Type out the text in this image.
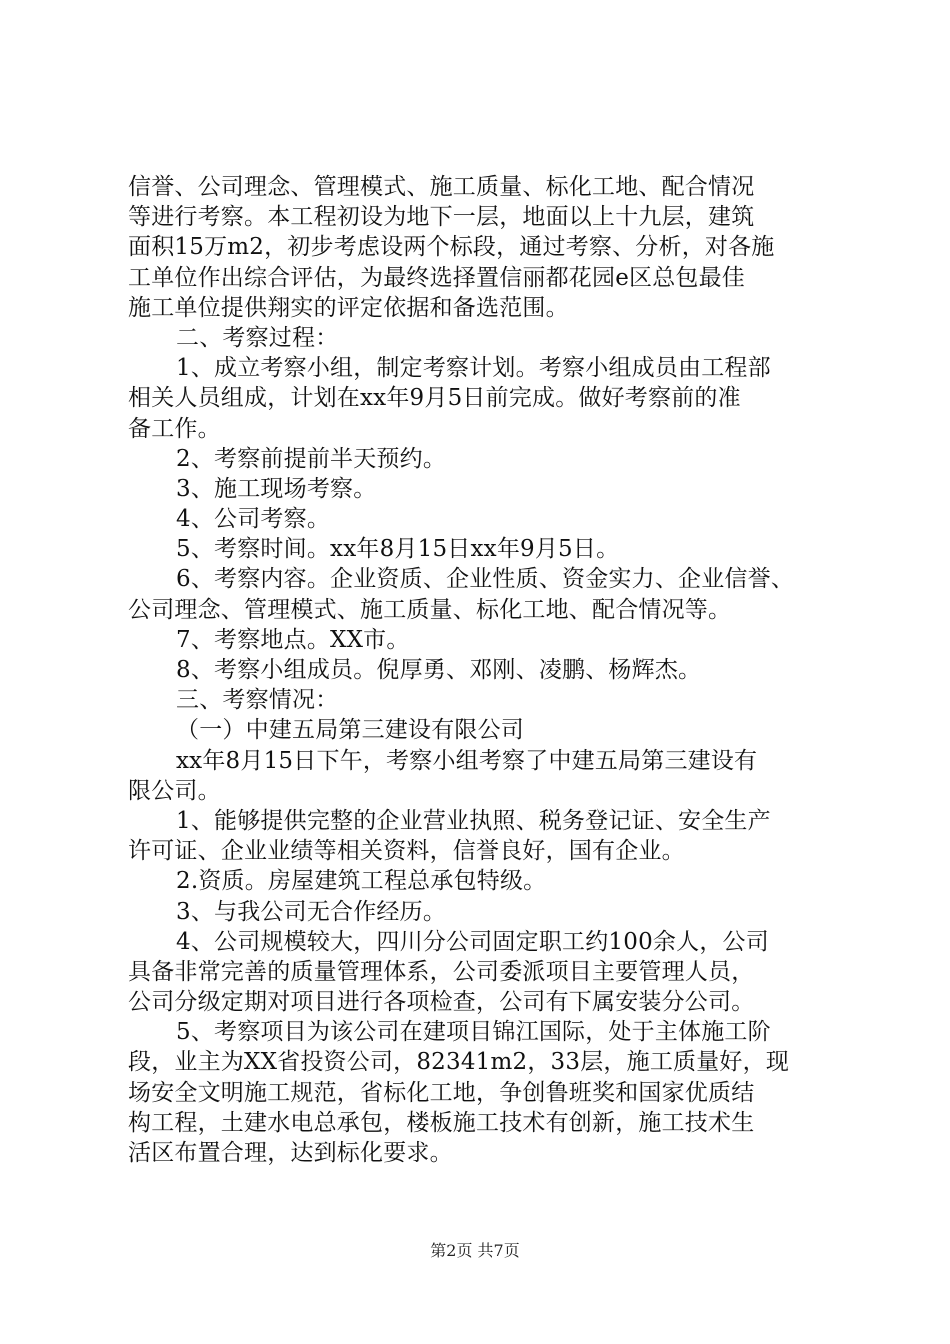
信誉、公司理念、管理模式、施工质量、标化工地、配合情况
等进行考察。本工程初设为地下一层，地面以上十九层，建筑
面积15万m2，初步考虑设两个标段，通过考察、分析，对各施
工单位作出综合评估，为最终选择置信丽都花园e区总包最佳
施工单位提供翔实的评定依据和备选范围。
二、考察过程：
1、成立考察小组，制定考察计划。考察小组成员由工程部
相关人员组成，计划在xx年9月5日前完成。做好考察前的准
备工作。
2、考察前提前半天预约。
3、施工现场考察。
4、公司考察。
5、考察时间。xx年8月15日xx年9月5日。
6、考察内容。企业资质、企业性质、资金实力、企业信誉、
公司理念、管理模式、施工质量、标化工地、配合情况等。
7、考察地点。XX市。
8、考察小组成员。倪厚勇、邓刚、凌鹏、杨辉杰。
三、考察情况：
（一）中建五局第三建设有限公司
xx年8月15日下午，考察小组考察了中建五局第三建设有
限公司。
1、能够提供完整的企业营业执照、税务登记证、安全生产
许可证、企业业绩等相关资料，信誉良好，国有企业。
2.资质。房屋建筑工程总承包特级。
3、与我公司无合作经历。
4、公司规模较大，四川分公司固定职工约100余人，公司
具备非常完善的质量管理体系，公司委派项目主要管理人员，
公司分级定期对项目进行各项检查，公司有下属安装分公司。
5、考察项目为该公司在建项目锦江国际，处于主体施工阶
段，业主为XX省投资公司，82341m2，33层，施工质量好，现
场安全文明施工规范，省标化工地，争创鲁班奖和国家优质结
构工程，土建水电总承包，楼板施工技术有创新，施工技术生
活区布置合理，达到标化要求。
第2页 共7页
